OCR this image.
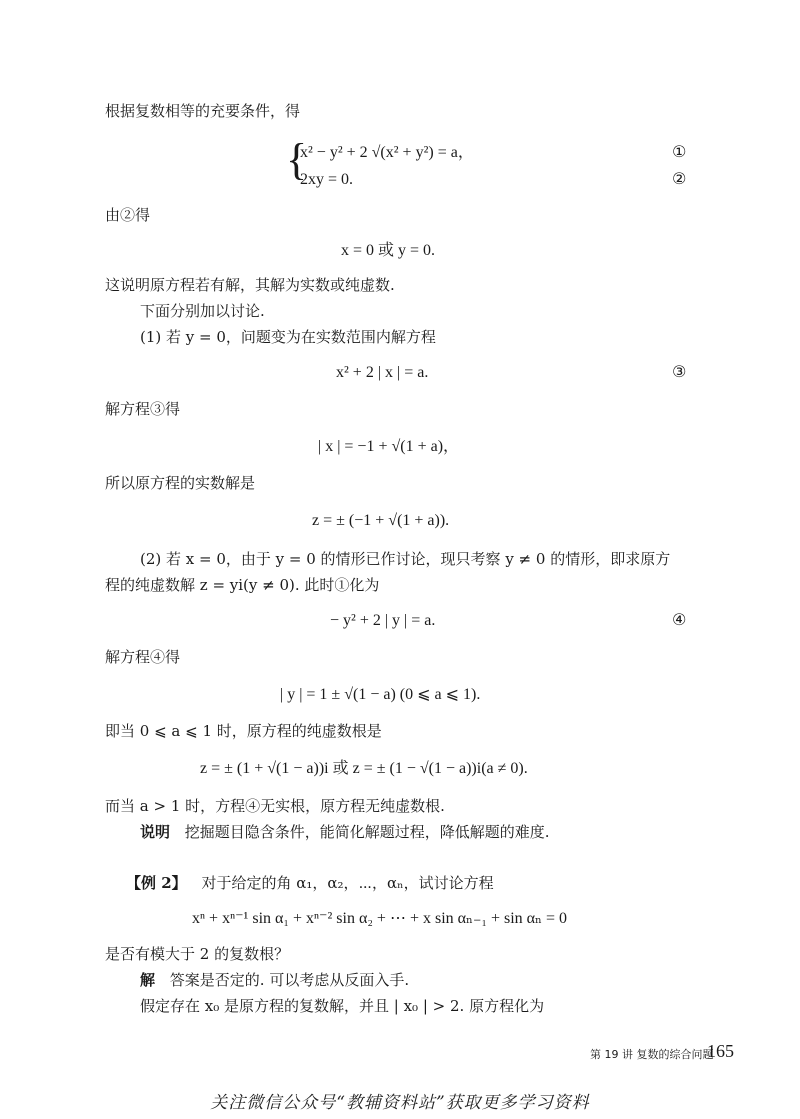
根据复数相等的充要条件，得
{
x² − y² + 2 √(x² + y²) = a，	①
2xy = 0.	②
由②得
x = 0 或 y = 0.
这说明原方程若有解，其解为实数或纯虚数.
下面分别加以讨论.
(1) 若 y = 0，问题变为在实数范围内解方程
x² + 2 | x | = a.	③
解方程③得
| x | = −1 + √(1 + a)，
所以原方程的实数解是
z = ± (−1 + √(1 + a)).
(2) 若 x = 0，由于 y = 0 的情形已作讨论，现只考察 y ≠ 0 的情形，即求原方
程的纯虚数解 z = yi(y ≠ 0). 此时①化为
− y² + 2 | y | = a.	④
解方程④得
| y | = 1 ± √(1 − a) (0 ⩽ a ⩽ 1).
即当 0 ⩽ a ⩽ 1 时，原方程的纯虚数根是
z = ± (1 + √(1 − a))i 或 z = ± (1 − √(1 − a))i(a ≠ 0).
而当 a > 1 时，方程④无实根，原方程无纯虚数根.
说明 挖掘题目隐含条件，能简化解题过程，降低解题的难度.
【例 2】 对于给定的角 α₁，α₂，⋯，αₙ，试讨论方程
xⁿ + xⁿ⁻¹ sin α₁ + xⁿ⁻² sin α₂ + ⋯ + x sin αₙ₋₁ + sin αₙ = 0
是否有模大于 2 的复数根？
解 答案是否定的. 可以考虑从反面入手.
假定存在 x₀ 是原方程的复数解，并且 | x₀ | > 2. 原方程化为
第 19 讲 复数的综合问题
165
关注微信公众号“教辅资料站”获取更多学习资料
